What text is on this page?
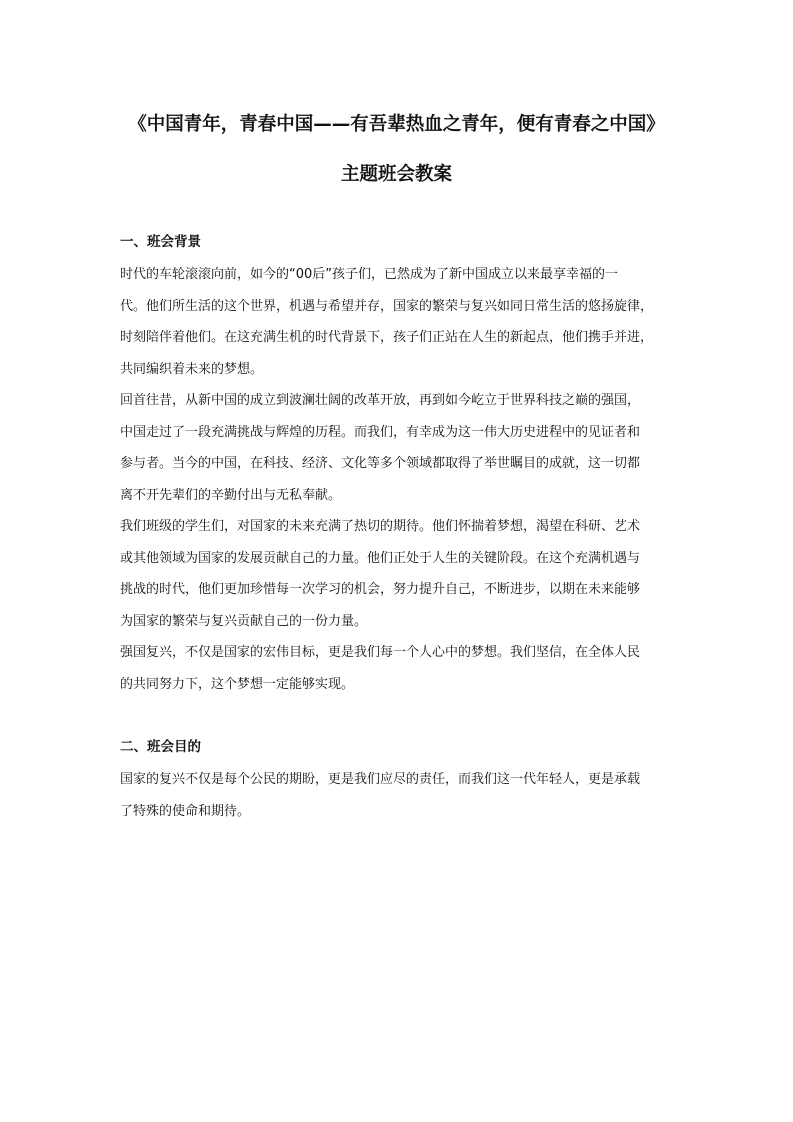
《中国青年，青春中国——有吾辈热血之青年，便有青春之中国》
主题班会教案

一、班会背景

时代的车轮滚滚向前，如今的“00后”孩子们，已然成为了新中国成立以来最享幸福的一
代。他们所生活的这个世界，机遇与希望并存，国家的繁荣与复兴如同日常生活的悠扬旋律，
时刻陪伴着他们。在这充满生机的时代背景下，孩子们正站在人生的新起点，他们携手并进，
共同编织着未来的梦想。

回首往昔，从新中国的成立到波澜壮阔的改革开放，再到如今屹立于世界科技之巅的强国，
中国走过了一段充满挑战与辉煌的历程。而我们，有幸成为这一伟大历史进程中的见证者和
参与者。当今的中国，在科技、经济、文化等多个领域都取得了举世瞩目的成就，这一切都
离不开先辈们的辛勤付出与无私奉献。

我们班级的学生们，对国家的未来充满了热切的期待。他们怀揣着梦想，渴望在科研、艺术
或其他领域为国家的发展贡献自己的力量。他们正处于人生的关键阶段。在这个充满机遇与
挑战的时代，他们更加珍惜每一次学习的机会，努力提升自己，不断进步，以期在未来能够
为国家的繁荣与复兴贡献自己的一份力量。

强国复兴，不仅是国家的宏伟目标，更是我们每一个人心中的梦想。我们坚信，在全体人民
的共同努力下，这个梦想一定能够实现。

二、班会目的

国家的复兴不仅是每个公民的期盼，更是我们应尽的责任，而我们这一代年轻人，更是承载
了特殊的使命和期待。
